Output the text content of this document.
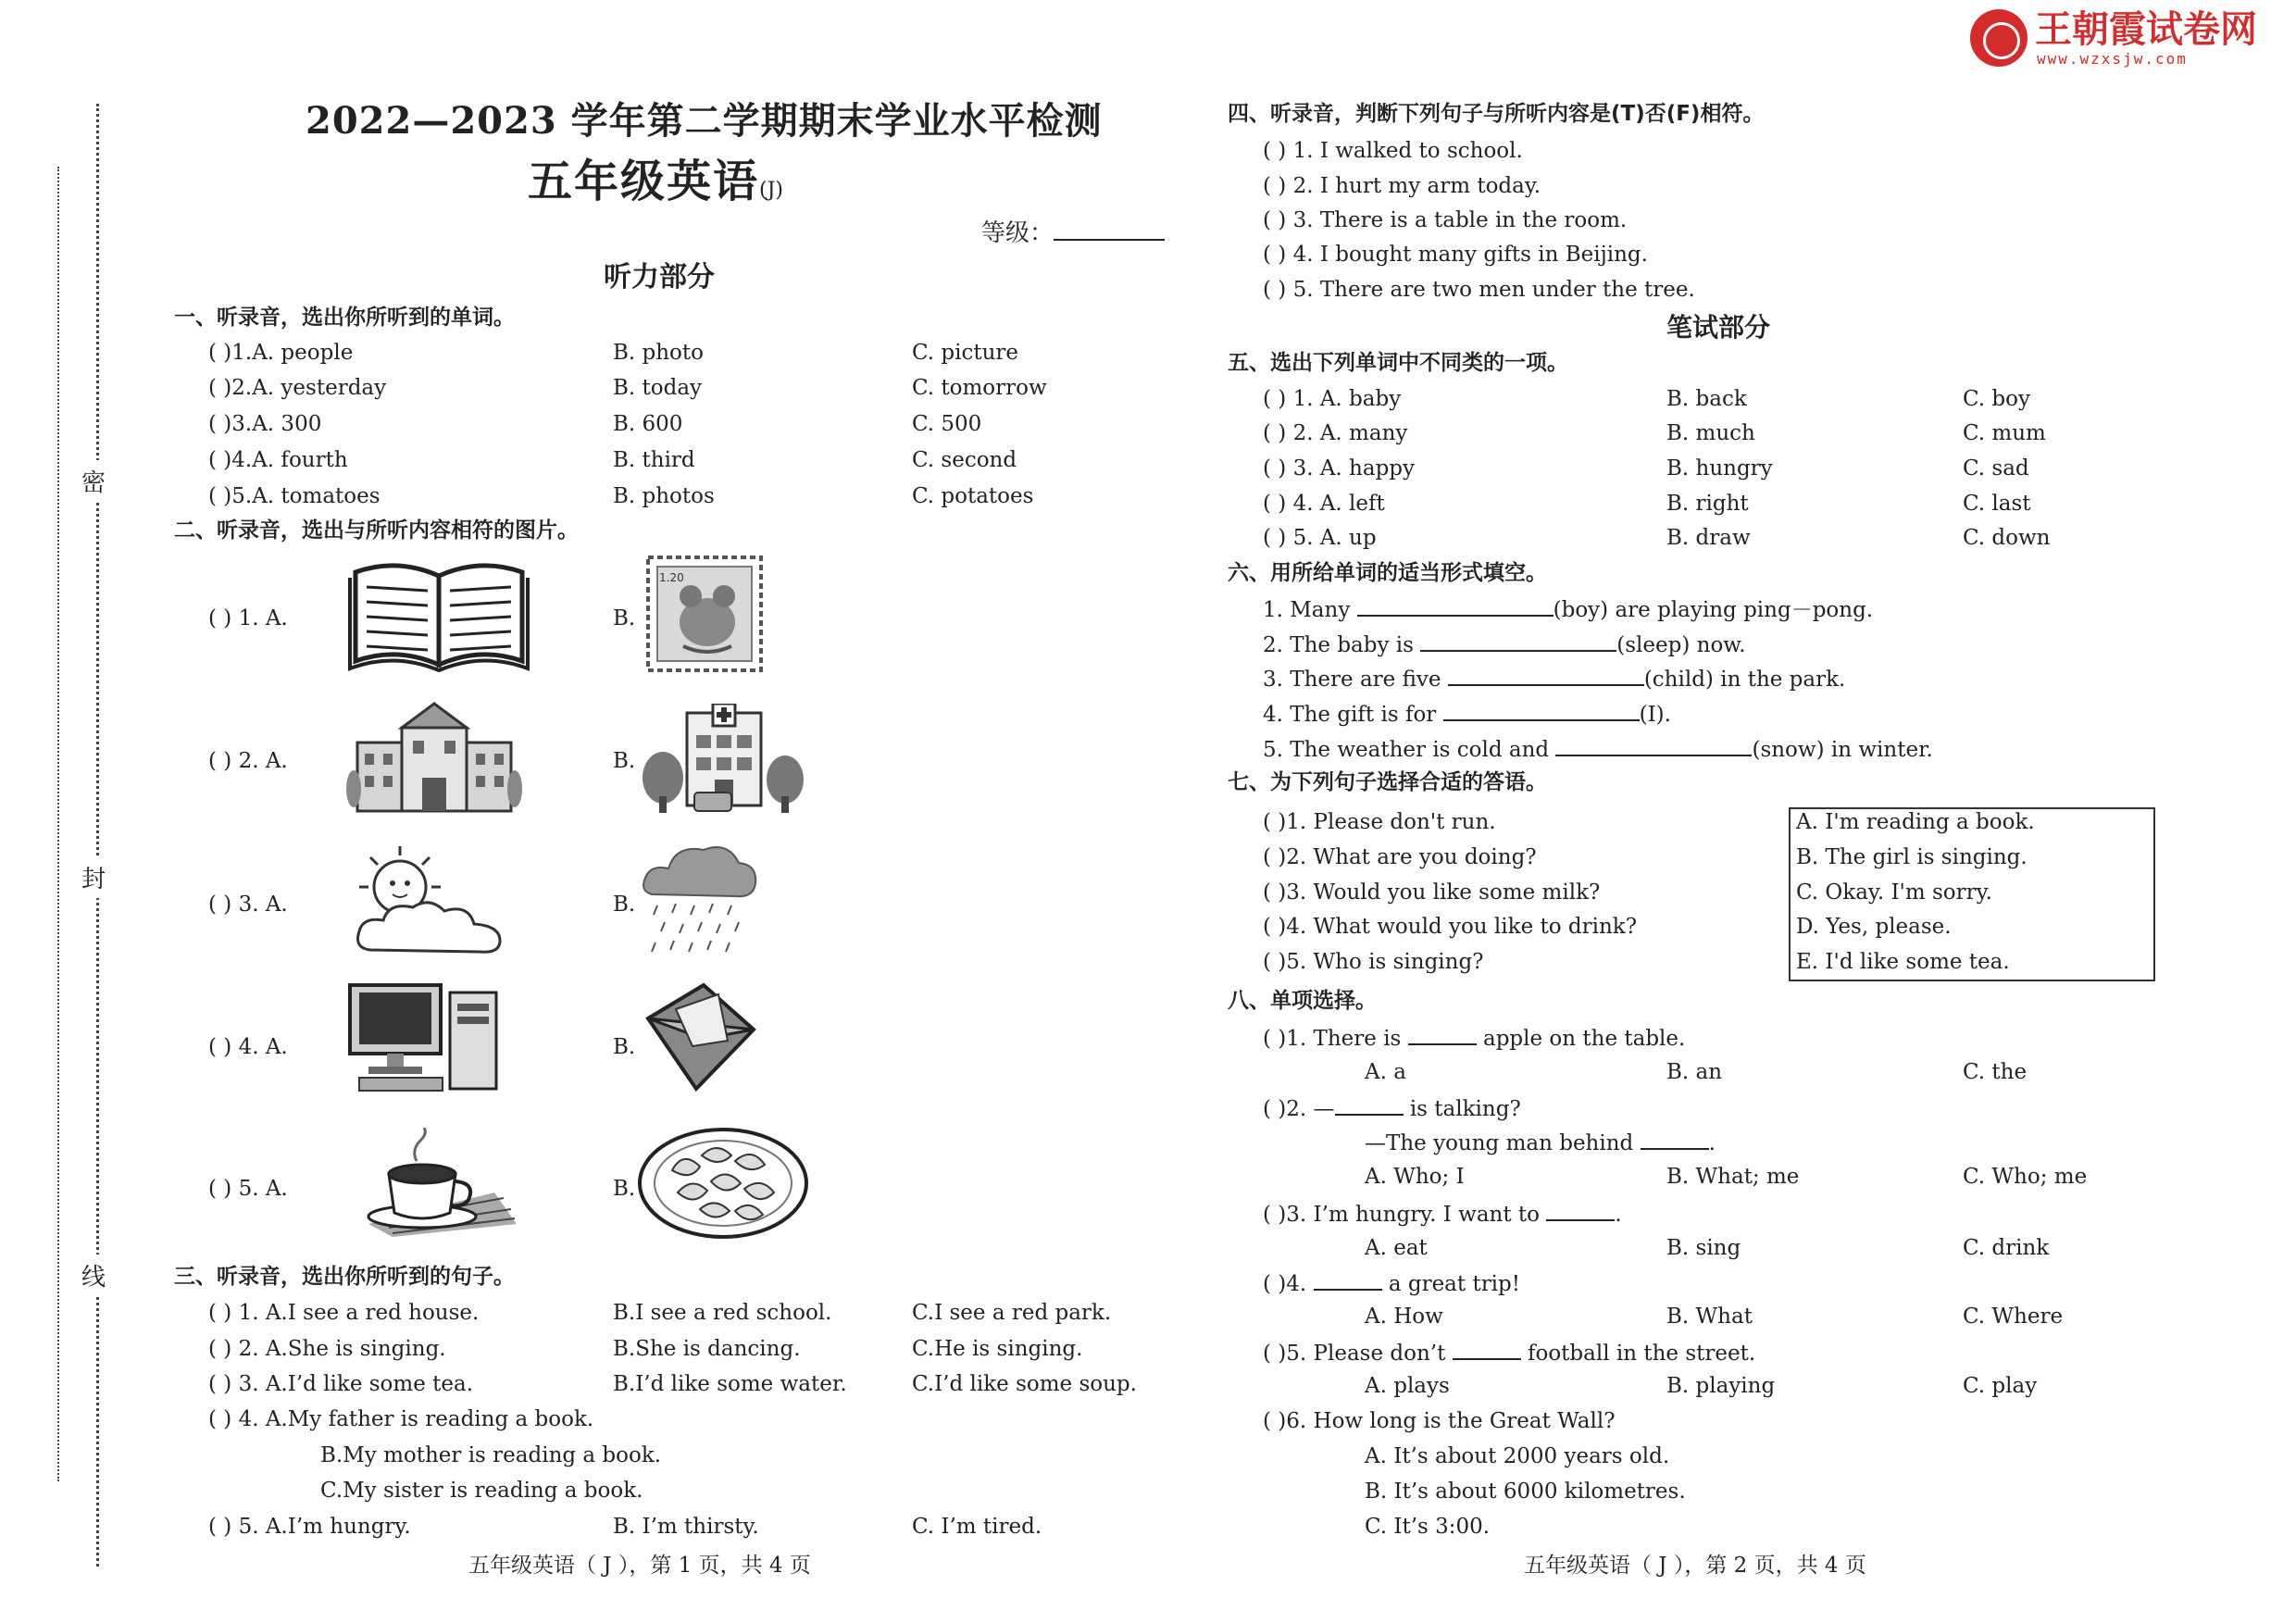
王朝霞试卷网
www.wzxsjw.com
密
封
线
2022—2023 学年第二学期期末学业水平检测
五年级英语(J)
等级：
听力部分
一、听录音，选出你所听到的单词。
( )1.A. people	B. photo	C. picture
( )2.A. yesterday	B. today	C. tomorrow
( )3.A. 300	B. 600	C. 500
( )4.A. fourth	B. third	C. second
( )5.A. tomatoes	B. photos	C. potatoes
二、听录音，选出与所听内容相符的图片。
( ) 1. A.	B.
1.20
( ) 2. A.	B.
( ) 3. A.	B.
( ) 4. A.	B.
( ) 5. A.	B.
三、听录音，选出你所听到的句子。
( ) 1. A.I see a red house.	B.I see a red school.	C.I see a red park.
( ) 2. A.She is singing.	B.She is dancing.	C.He is singing.
( ) 3. A.I’d like some tea.	B.I’d like some water.	C.I’d like some soup.
( ) 4. A.My father is reading a book.
B.My mother is reading a book.
C.My sister is reading a book.
( ) 5. A.I’m hungry.	B. I’m thirsty.	C. I’m tired.
五年级英语（ J ），第 1 页，共 4 页
四、听录音，判断下列句子与所听内容是(T)否(F)相符。
( ) 1. I walked to school.
( ) 2. I hurt my arm today.
( ) 3. There is a table in the room.
( ) 4. I bought many gifts in Beijing.
( ) 5. There are two men under the tree.
笔试部分
五、选出下列单词中不同类的一项。
( ) 1. A. baby	B. back	C. boy
( ) 2. A. many	B. much	C. mum
( ) 3. A. happy	B. hungry	C. sad
( ) 4. A. left	B. right	C. last
( ) 5. A. up	B. draw	C. down
六、用所给单词的适当形式填空。
1. Many	(boy) are playing ping－pong.
2. The baby is	(sleep) now.
3. There are five	(child) in the park.
4. The gift is for	(I).
5. The weather is cold and	(snow) in winter.
七、为下列句子选择合适的答语。
( )1. Please don't run.
( )2. What are you doing?
( )3. Would you like some milk?
( )4. What would you like to drink?
( )5. Who is singing?
A. I'm reading a book.
B. The girl is singing.
C. Okay. I'm sorry.
D. Yes, please.
E. I'd like some tea.
八、单项选择。
( )1. There is	apple on the table.
A. a	B. an	C. the
( )2. —	is talking?
—The young man behind	.
A. Who; I	B. What; me	C. Who; me
( )3. I’m hungry. I want to	.
A. eat	B. sing	C. drink
( )4.	a great trip!
A. How	B. What	C. Where
( )5. Please don’t	football in the street.
A. plays	B. playing	C. play
( )6. How long is the Great Wall?
A. It’s about 2000 years old.
B. It’s about 6000 kilometres.
C. It’s 3:00.
五年级英语（ J ），第 2 页，共 4 页
